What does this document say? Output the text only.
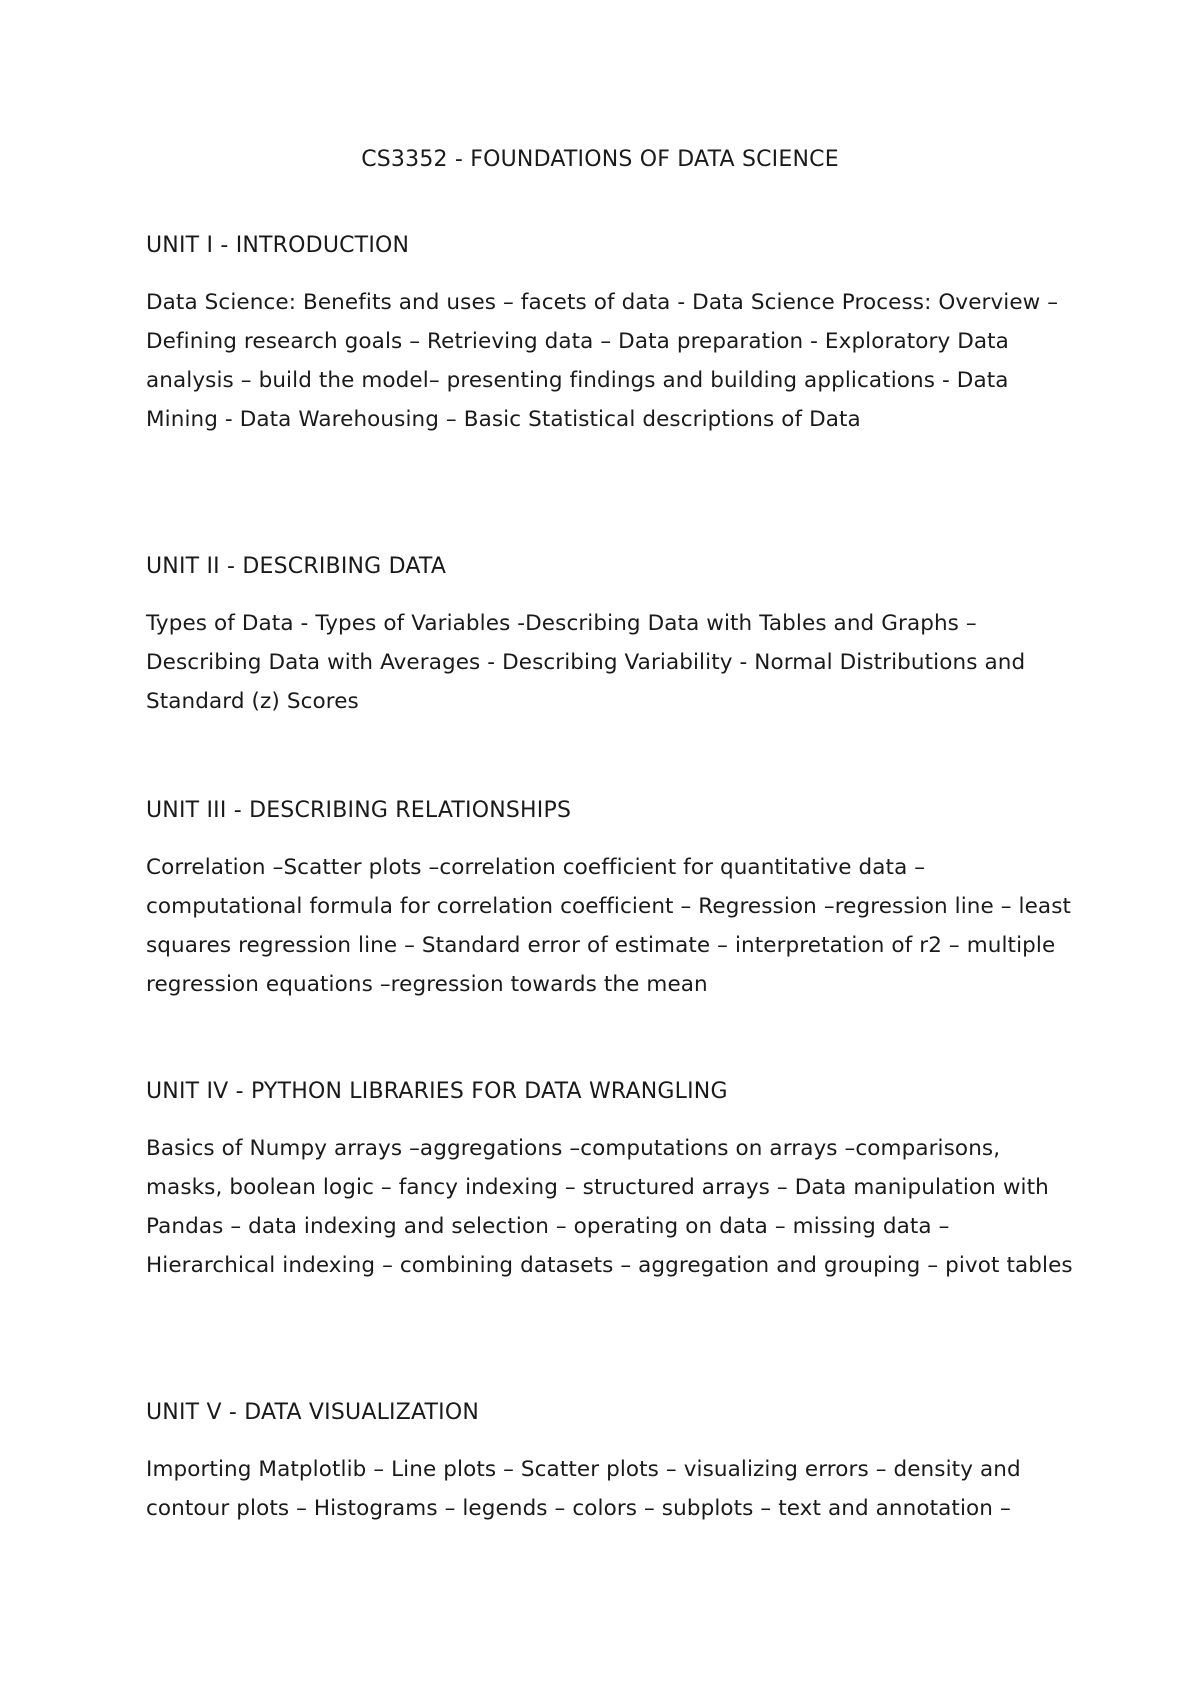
CS3352 - FOUNDATIONS OF DATA SCIENCE
UNIT I - INTRODUCTION

Data Science: Benefits and uses – facets of data - Data Science Process: Overview – Defining research goals – Retrieving data – Data preparation - Exploratory Data analysis – build the model– presenting findings and building applications - Data Mining - Data Warehousing – Basic Statistical descriptions of Data

UNIT II - DESCRIBING DATA

Types of Data - Types of Variables -Describing Data with Tables and Graphs – Describing Data with Averages - Describing Variability - Normal Distributions and Standard (z) Scores

UNIT III - DESCRIBING RELATIONSHIPS

Correlation –Scatter plots –correlation coefficient for quantitative data – computational formula for correlation coefficient – Regression –regression line – least squares regression line – Standard error of estimate – interpretation of r2 – multiple regression equations –regression towards the mean

UNIT IV - PYTHON LIBRARIES FOR DATA WRANGLING

Basics of Numpy arrays –aggregations –computations on arrays –comparisons, masks, boolean logic – fancy indexing – structured arrays – Data manipulation with Pandas – data indexing and selection – operating on data – missing data – Hierarchical indexing – combining datasets – aggregation and grouping – pivot tables

UNIT V - DATA VISUALIZATION

Importing Matplotlib – Line plots – Scatter plots – visualizing errors – density and contour plots – Histograms – legends – colors – subplots – text and annotation –
